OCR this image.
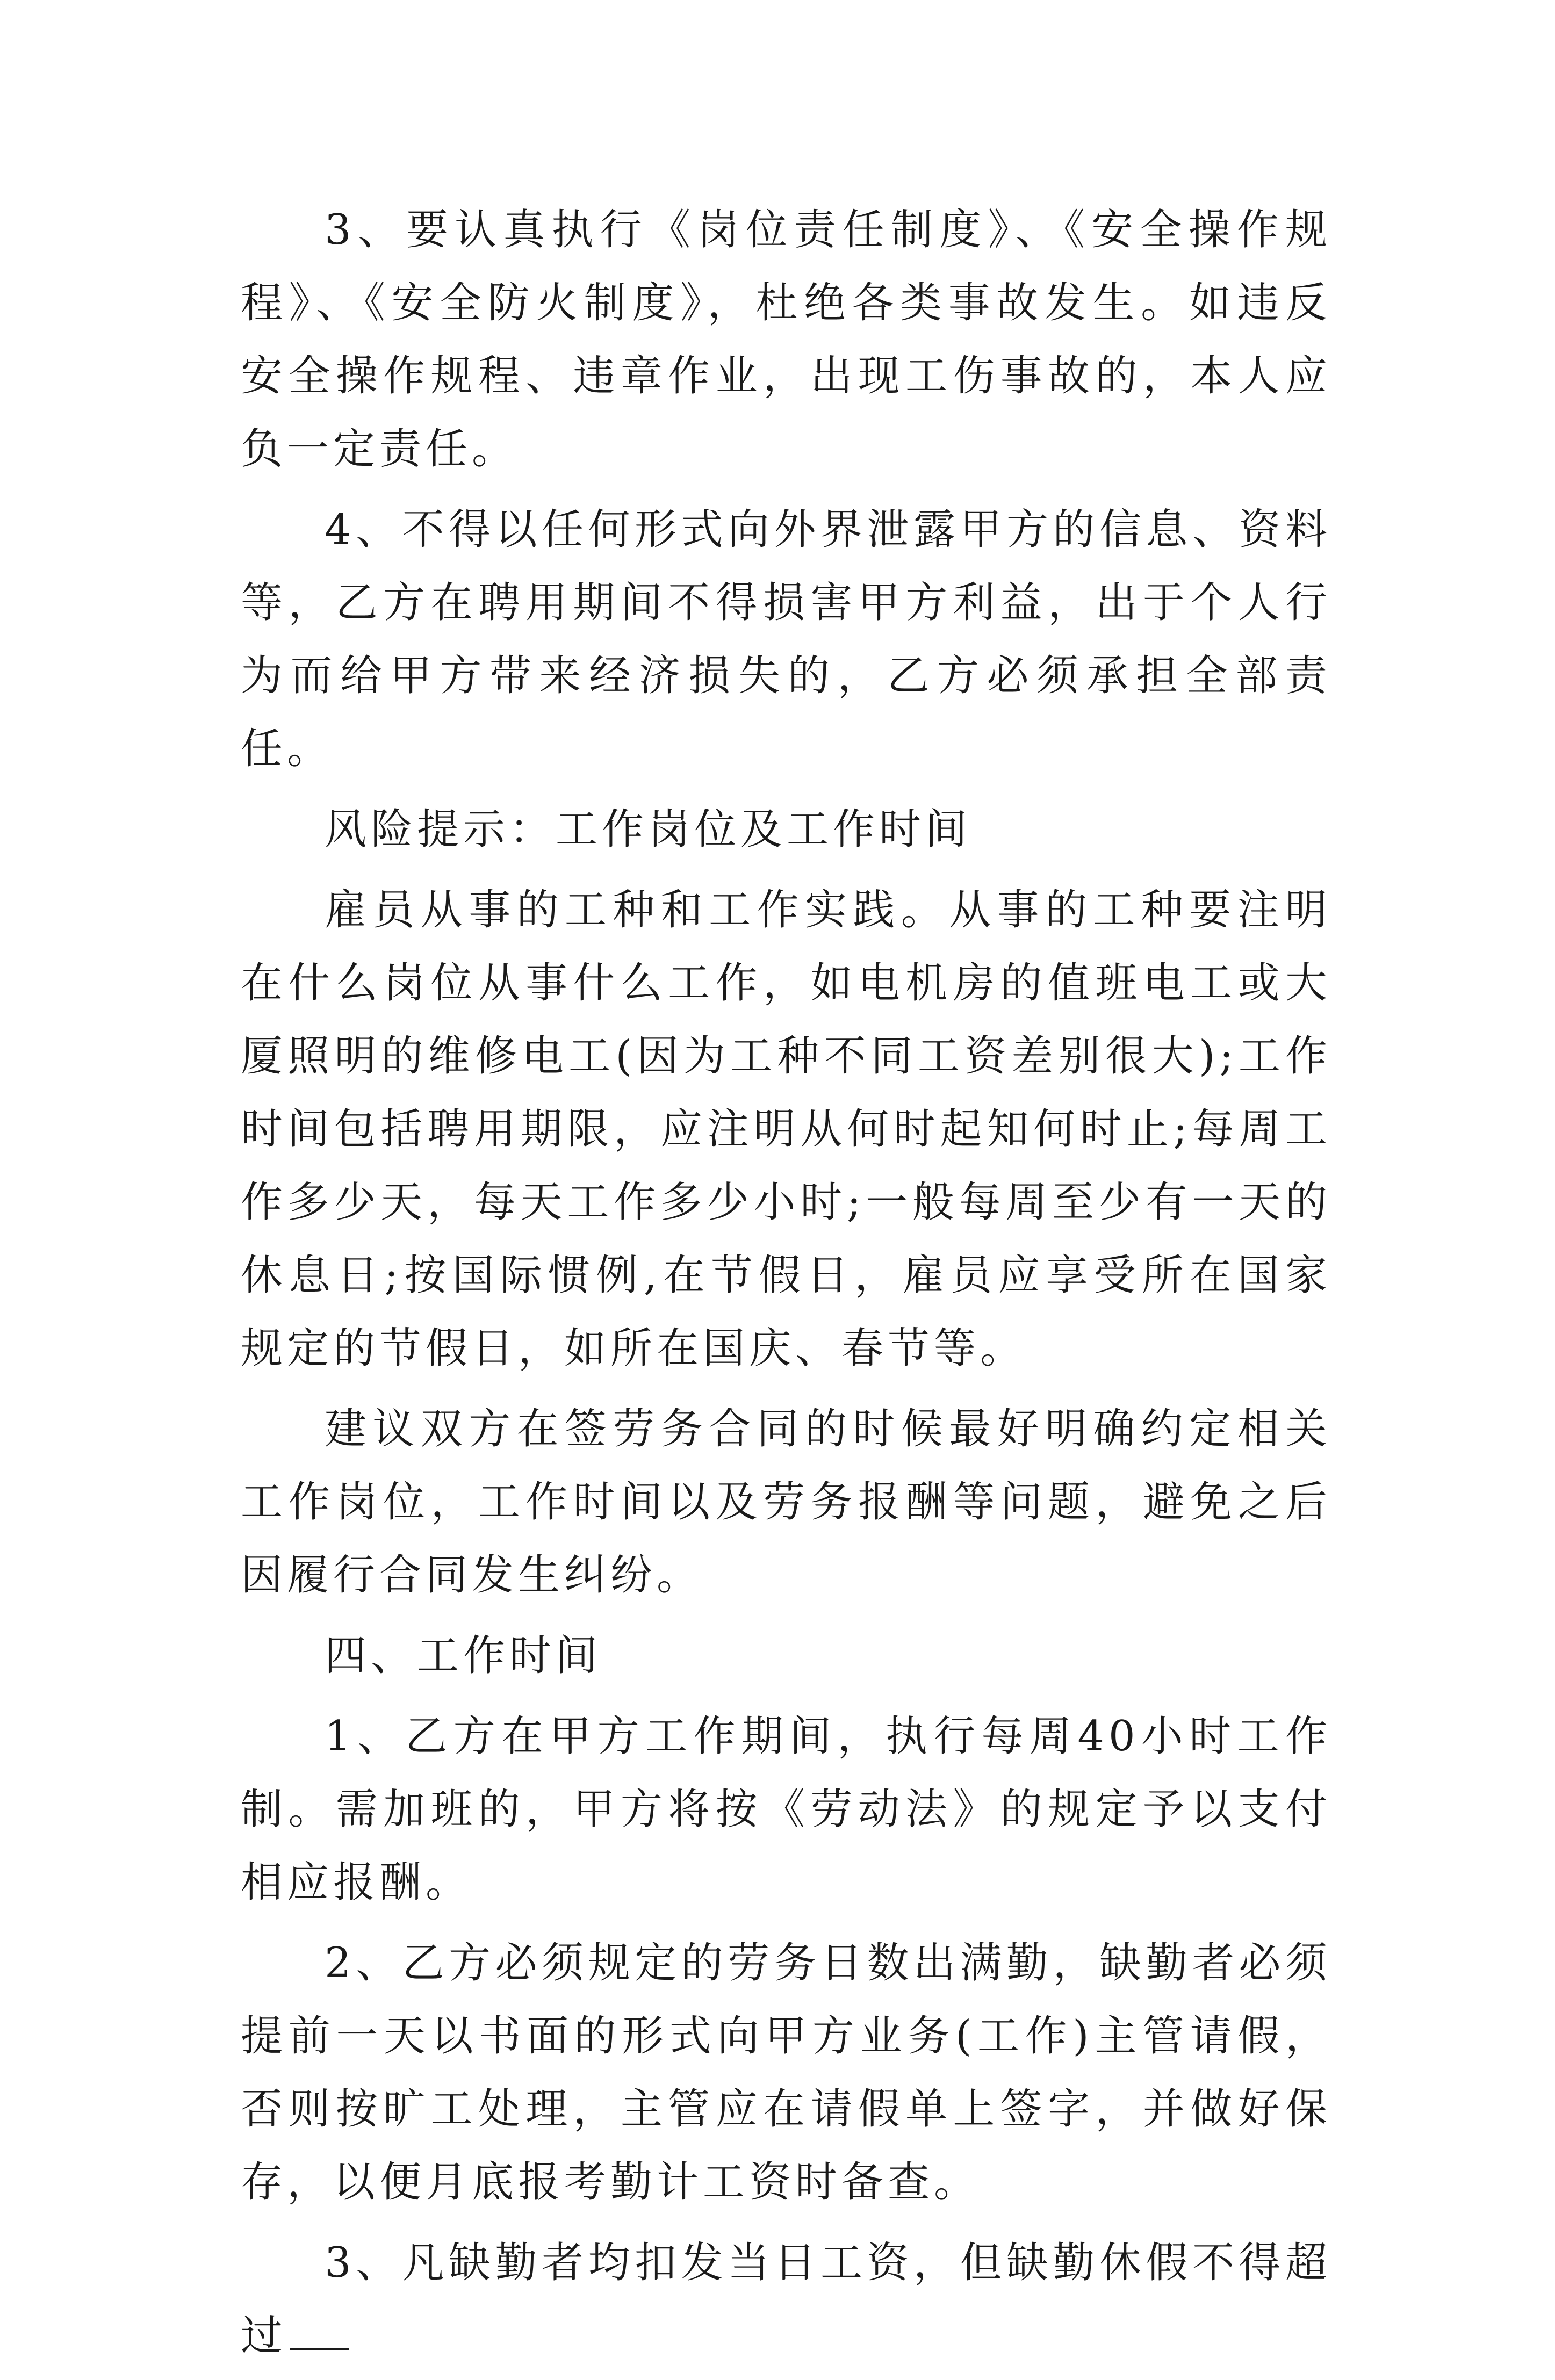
3、要认真执行《岗位责任制度》、《安全操作规程》、《安全防火制度》，杜绝各类事故发生。如违反安全操作规程、违章作业，出现工伤事故的，本人应负一定责任。

4、不得以任何形式向外界泄露甲方的信息、资料等，乙方在聘用期间不得损害甲方利益，出于个人行为而给甲方带来经济损失的，乙方必须承担全部责任。

风险提示：工作岗位及工作时间

雇员从事的工种和工作实践。从事的工种要注明在什么岗位从事什么工作，如电机房的值班电工或大厦照明的维修电工(因为工种不同工资差别很大);工作时间包括聘用期限，应注明从何时起知何时止;每周工作多少天，每天工作多少小时;一般每周至少有一天的休息日;按国际惯例,在节假日，雇员应享受所在国家规定的节假日，如所在国庆、春节等。

建议双方在签劳务合同的时候最好明确约定相关工作岗位，工作时间以及劳务报酬等问题，避免之后因履行合同发生纠纷。

四、工作时间

1、乙方在甲方工作期间，执行每周40小时工作制。需加班的，甲方将按《劳动法》的规定予以支付相应报酬。

2、乙方必须规定的劳务日数出满勤，缺勤者必须提前一天以书面的形式向甲方业务(工作)主管请假，否则按旷工处理，主管应在请假单上签字，并做好保存，以便月底报考勤计工资时备查。

3、凡缺勤者均扣发当日工资，但缺勤休假不得超过
